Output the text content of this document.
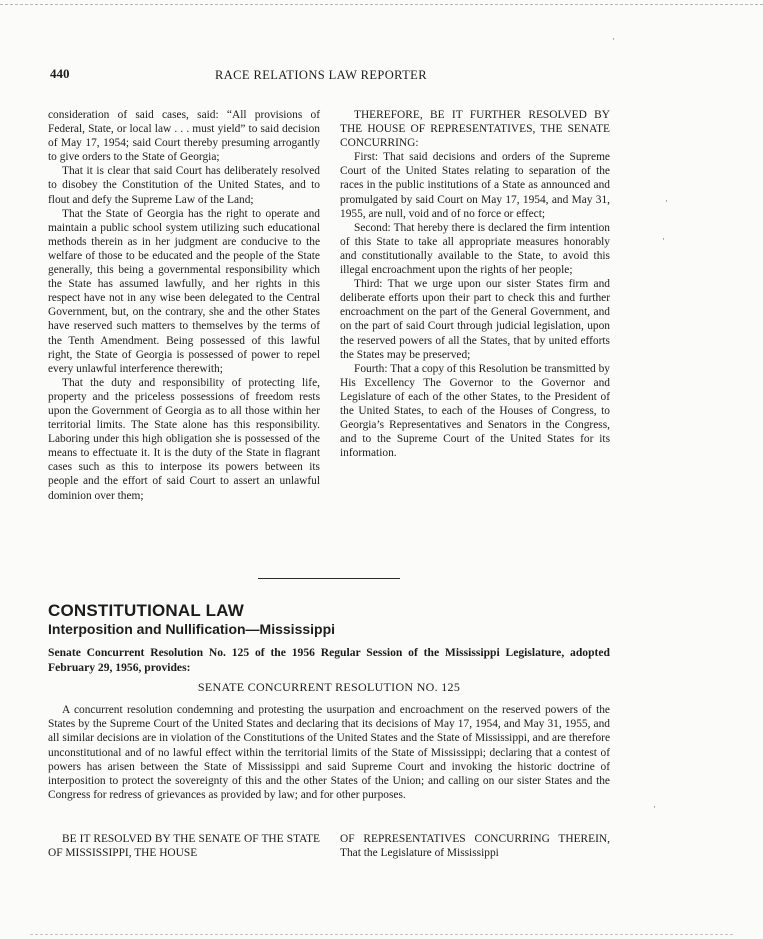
440	RACE RELATIONS LAW REPORTER

consideration of said cases, said: “All provisions of Federal, State, or local law . . . must yield” to said decision of May 17, 1954; said Court thereby presuming arrogantly to give orders to the State of Georgia;

That it is clear that said Court has deliberately resolved to disobey the Constitution of the United States, and to flout and defy the Supreme Law of the Land;

That the State of Georgia has the right to operate and maintain a public school system utilizing such educational methods therein as in her judgment are conducive to the welfare of those to be educated and the people of the State generally, this being a governmental responsibility which the State has assumed lawfully, and her rights in this respect have not in any wise been delegated to the Central Government, but, on the contrary, she and the other States have reserved such matters to themselves by the terms of the Tenth Amendment. Being possessed of this lawful right, the State of Georgia is possessed of power to repel every unlawful interference therewith;

That the duty and responsibility of protecting life, property and the priceless possessions of freedom rests upon the Government of Georgia as to all those within her territorial limits. The State alone has this responsibility. Laboring under this high obligation she is possessed of the means to effectuate it. It is the duty of the State in flagrant cases such as this to interpose its powers between its people and the effort of said Court to assert an unlawful dominion over them;

THEREFORE, BE IT FURTHER RESOLVED BY THE HOUSE OF REPRESENTATIVES, THE SENATE CONCURRING:

First: That said decisions and orders of the Supreme Court of the United States relating to separation of the races in the public institutions of a State as announced and promulgated by said Court on May 17, 1954, and May 31, 1955, are null, void and of no force or effect;

Second: That hereby there is declared the firm intention of this State to take all appropriate measures honorably and constitutionally available to the State, to avoid this illegal encroachment upon the rights of her people;

Third: That we urge upon our sister States firm and deliberate efforts upon their part to check this and further encroachment on the part of the General Government, and on the part of said Court through judicial legislation, upon the reserved powers of all the States, that by united efforts the States may be preserved;

Fourth: That a copy of this Resolution be transmitted by His Excellency The Governor to the Governor and Legislature of each of the other States, to the President of the United States, to each of the Houses of Congress, to Georgia’s Representatives and Senators in the Congress, and to the Supreme Court of the United States for its information.

CONSTITUTIONAL LAW
Interposition and Nullification—Mississippi
Senate Concurrent Resolution No. 125 of the 1956 Regular Session of the Mississippi Legislature, adopted February 29, 1956, provides:
SENATE CONCURRENT RESOLUTION NO. 125

A concurrent resolution condemning and protesting the usurpation and encroachment on the reserved powers of the States by the Supreme Court of the United States and declaring that its decisions of May 17, 1954, and May 31, 1955, and all similar decisions are in violation of the Constitutions of the United States and the State of Mississippi, and are therefore unconstitutional and of no lawful effect within the territorial limits of the State of Mississippi; declaring that a contest of powers has arisen between the State of Mississippi and said Supreme Court and invoking the historic doctrine of interposition to protect the sovereignty of this and the other States of the Union; and calling on our sister States and the Congress for redress of grievances as provided by law; and for other purposes.

BE IT RESOLVED BY THE SENATE OF THE STATE OF MISSISSIPPI, THE HOUSE

OF REPRESENTATIVES CONCURRING THEREIN, That the Legislature of Mississippi

·
·
·
·
